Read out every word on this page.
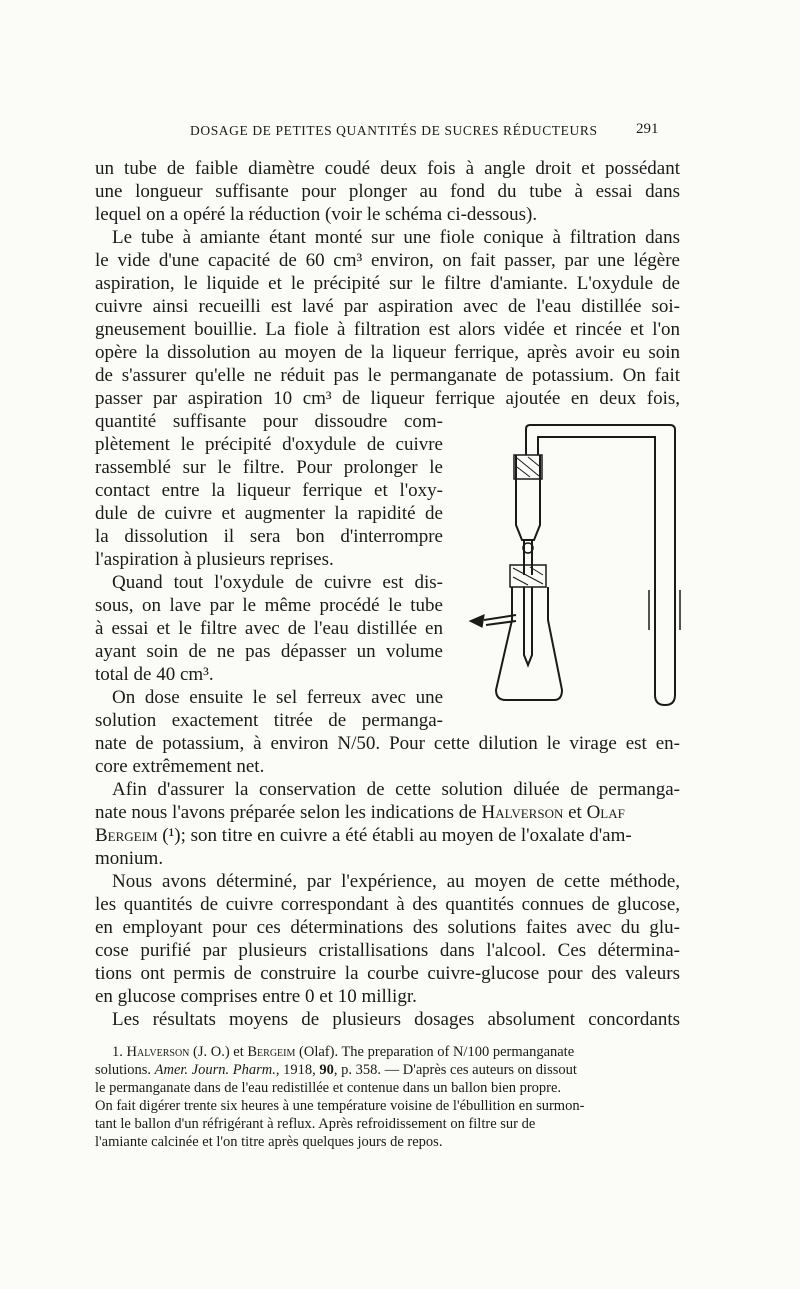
DOSAGE DE PETITES QUANTITÉS DE SUCRES RÉDUCTEURS	291
un tube de faible diamètre coudé deux fois à angle droit et possédant
une longueur suffisante pour plonger au fond du tube à essai dans
lequel on a opéré la réduction (voir le schéma ci-dessous).
Le tube à amiante étant monté sur une fiole conique à filtration dans
le vide d'une capacité de 60 cm³ environ, on fait passer, par une légère
aspiration, le liquide et le précipité sur le filtre d'amiante. L'oxydule de
cuivre ainsi recueilli est lavé par aspiration avec de l'eau distillée soi-
gneusement bouillie. La fiole à filtration est alors vidée et rincée et l'on
opère la dissolution au moyen de la liqueur ferrique, après avoir eu soin
de s'assurer qu'elle ne réduit pas le permanganate de potassium. On fait
passer par aspiration 10 cm³ de liqueur ferrique ajoutée en deux fois,
quantité suffisante pour dissoudre com-
plètement le précipité d'oxydule de cuivre
rassemblé sur le filtre. Pour prolonger le
contact entre la liqueur ferrique et l'oxy-
dule de cuivre et augmenter la rapidité de
la dissolution il sera bon d'interrompre
l'aspiration à plusieurs reprises.
Quand tout l'oxydule de cuivre est dis-
sous, on lave par le même procédé le tube
à essai et le filtre avec de l'eau distillée en
ayant soin de ne pas dépasser un volume
total de 40 cm³.
On dose ensuite le sel ferreux avec une
solution exactement titrée de permanga-
nate de potassium, à environ N/50. Pour cette dilution le virage est en-
core extrêmement net.
Afin d'assurer la conservation de cette solution diluée de permanga-
nate nous l'avons préparée selon les indications de Halverson et Olaf
Bergeim (¹); son titre en cuivre a été établi au moyen de l'oxalate d'am-
monium.
Nous avons déterminé, par l'expérience, au moyen de cette méthode,
les quantités de cuivre correspondant à des quantités connues de glucose,
en employant pour ces déterminations des solutions faites avec du glu-
cose purifié par plusieurs cristallisations dans l'alcool. Ces détermina-
tions ont permis de construire la courbe cuivre-glucose pour des valeurs
en glucose comprises entre 0 et 10 milligr.
Les résultats moyens de plusieurs dosages absolument concordants
1. Halverson (J. O.) et Bergeim (Olaf). The preparation of N/100 permanganate
solutions. Amer. Journ. Pharm., 1918, 90, p. 358. — D'après ces auteurs on dissout
le permanganate dans de l'eau redistillée et contenue dans un ballon bien propre.
On fait digérer trente six heures à une température voisine de l'ébullition en surmon-
tant le ballon d'un réfrigérant à reflux. Après refroidissement on filtre sur de
l'amiante calcinée et l'on titre après quelques jours de repos.
